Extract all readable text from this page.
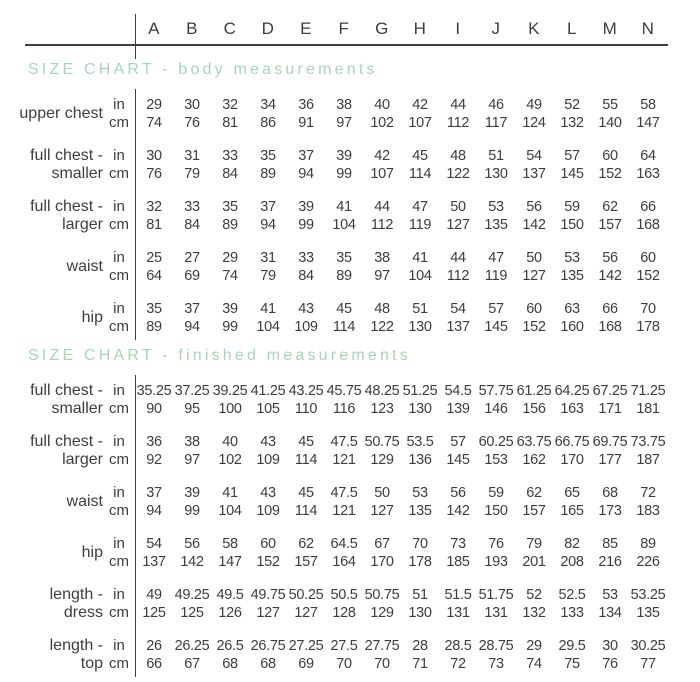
A	B	C	D	E	F	G	H	I	J	K	L	M	N
SIZE CHART - body measurements
upper chest
in
cm
29	30	32	34	36	38	40	42	44	46	49	52	55	58
74	76	81	86	91	97	102	107	112	117	124	132	140	147
full chest -
smaller
in
cm
30	31	33	35	37	39	42	45	48	51	54	57	60	64
76	79	84	89	94	99	107	114	122	130	137	145	152	163
full chest -
larger
in
cm
32	33	35	37	39	41	44	47	50	53	56	59	62	66
81	84	89	94	99	104	112	119	127	135	142	150	157	168
waist
in
cm
25	27	29	31	33	35	38	41	44	47	50	53	56	60
64	69	74	79	84	89	97	104	112	119	127	135	142	152
hip
in
cm
35	37	39	41	43	45	48	51	54	57	60	63	66	70
89	94	99	104	109	114	122	130	137	145	152	160	168	178
SIZE CHART - finished measurements
full chest -
smaller
in
cm
35.25 37.25 39.25 41.25 43.25 45.75 48.25 51.25 54.5 57.75 61.25 64.25 67.25 71.25
90	95	100	105	110	116	123	130	139	146	156	163	171	181
full chest -
larger
in
cm
36	38	40	43	45	47.5 50.75 53.5	57 60.25 63.75 66.75 69.75 73.75
92	97	102	109	114	121	129	136	145	153	162	170	177	187
waist
in
cm
37	39	41	43	45	47.5	50	53	56	59	62	65	68	72
94	99	104	109	114	121	127	135	142	150	157	165	173	183
hip
in
cm
54	56	58	60	62	64.5	67	70	73	76	79	82	85	89
137	142	147	152	157	164	170	178	185	193	201	208	216	226
length -
dress
in
cm
49 49.25 49.5 49.75 50.25 50.5 50.75 51	51.5 51.75 52	52.5	53 53.25
125	125	126	127	127	128	129	130	131	131	132	133	134	135
length -
top
in
cm
26 26.25 26.5 26.75 27.25 27.5 27.75 28	28.5 28.75 29	29.5	30 30.25
66	67	68	68	69	70	70	71	72	73	74	75	76	77
